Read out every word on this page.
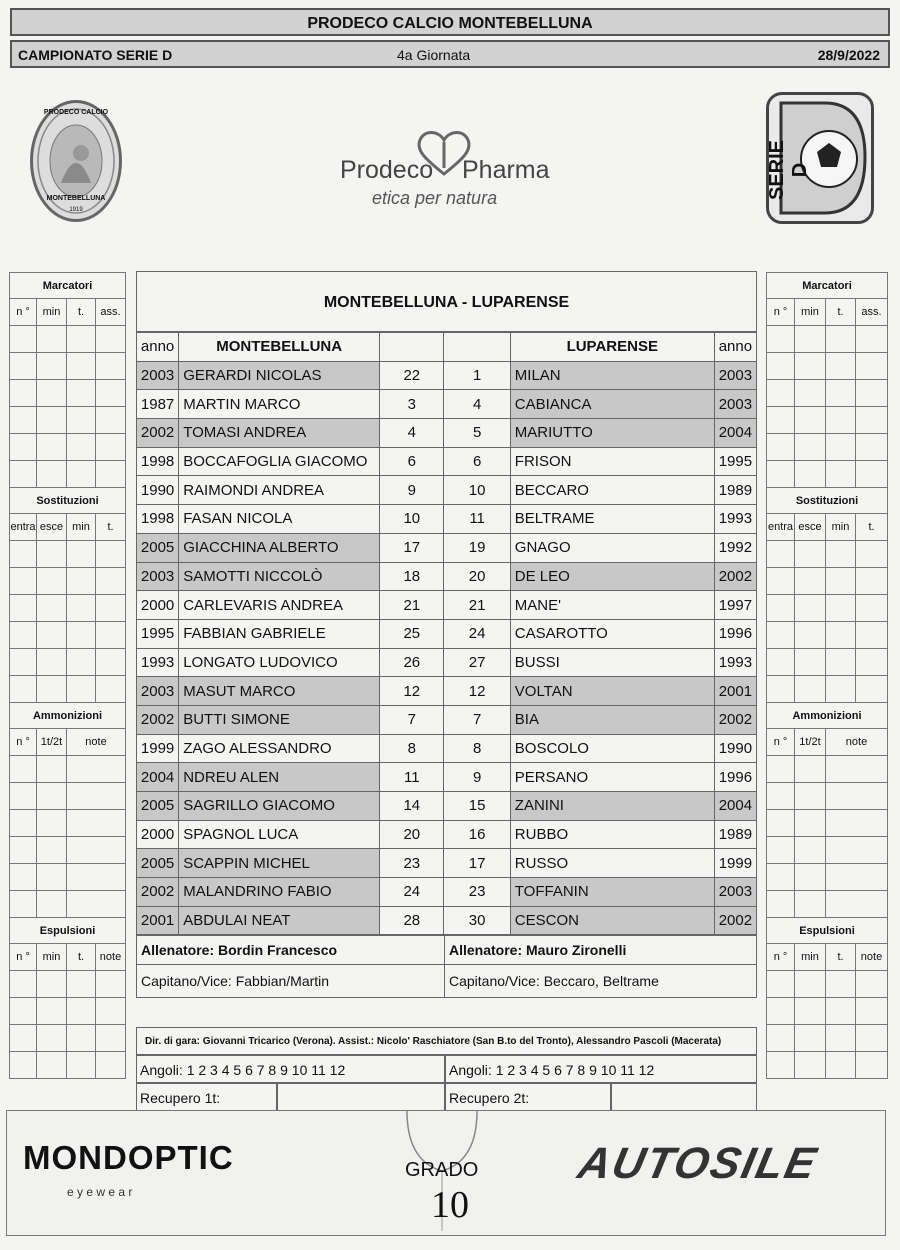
PRODECO CALCIO MONTEBELLUNA
CAMPIONATO SERIE D	4a Giornata	28/9/2022
PRODECO CALCIO
MONTEBELLUNA
1919
Prodeco Pharma
etica per natura	SERIE D
Marcatori			
n °	min	t.	ass.

Sostituzioni			
entra	esce	min	t.

Ammonizioni			
n °	1t/2t	note	

Espulsioni			
n °	min	t.	note

Marcatori			
n °	min	t.	ass.

Sostituzioni			
entra	esce	min	t.

Ammonizioni			
n °	1t/2t	note	

Espulsioni			
n °	min	t.	note

MONTEBELLUNA - LUPARENSE
anno	MONTEBELLUNA			LUPARENSE	anno
2003	GERARDI NICOLAS	22	1	MILAN	2003
1987	MARTIN MARCO	3	4	CABIANCA	2003
2002	TOMASI ANDREA	4	5	MARIUTTO	2004
1998	BOCCAFOGLIA GIACOMO	6	6	FRISON	1995
1990	RAIMONDI ANDREA	9	10	BECCARO	1989
1998	FASAN NICOLA	10	11	BELTRAME	1993
2005	GIACCHINA ALBERTO	17	19	GNAGO	1992
2003	SAMOTTI NICCOLÒ	18	20	DE LEO	2002
2000	CARLEVARIS ANDREA	21	21	MANE'	1997
1995	FABBIAN GABRIELE	25	24	CASAROTTO	1996
1993	LONGATO LUDOVICO	26	27	BUSSI	1993
2003	MASUT MARCO	12	12	VOLTAN	2001
2002	BUTTI SIMONE	7	7	BIA	2002
1999	ZAGO ALESSANDRO	8	8	BOSCOLO	1990
2004	NDREU ALEN	11	9	PERSANO	1996
2005	SAGRILLO GIACOMO	14	15	ZANINI	2004
2000	SPAGNOL LUCA	20	16	RUBBO	1989
2005	SCAPPIN MICHEL	23	17	RUSSO	1999
2002	MALANDRINO FABIO	24	23	TOFFANIN	2003
2001	ABDULAI NEAT	28	30	CESCON	2002
Allenatore: Bordin Francesco	Allenatore: Mauro Zironelli
Capitano/Vice: Fabbian/Martin	Capitano/Vice: Beccaro, Beltrame
Dir. di gara: Giovanni Tricarico (Verona). Assist.: Nicolo' Raschiatore (San B.to del Tronto), Alessandro Pascoli (Macerata)
Angoli: 1 2 3 4 5 6 7 8 9 10 11 12	Angoli: 1 2 3 4 5 6 7 8 9 10 11 12
Recupero 1t:	Recupero 2t:
MONDOPTIC
e y e w e a r
GRADO
10
AUTOSILE
